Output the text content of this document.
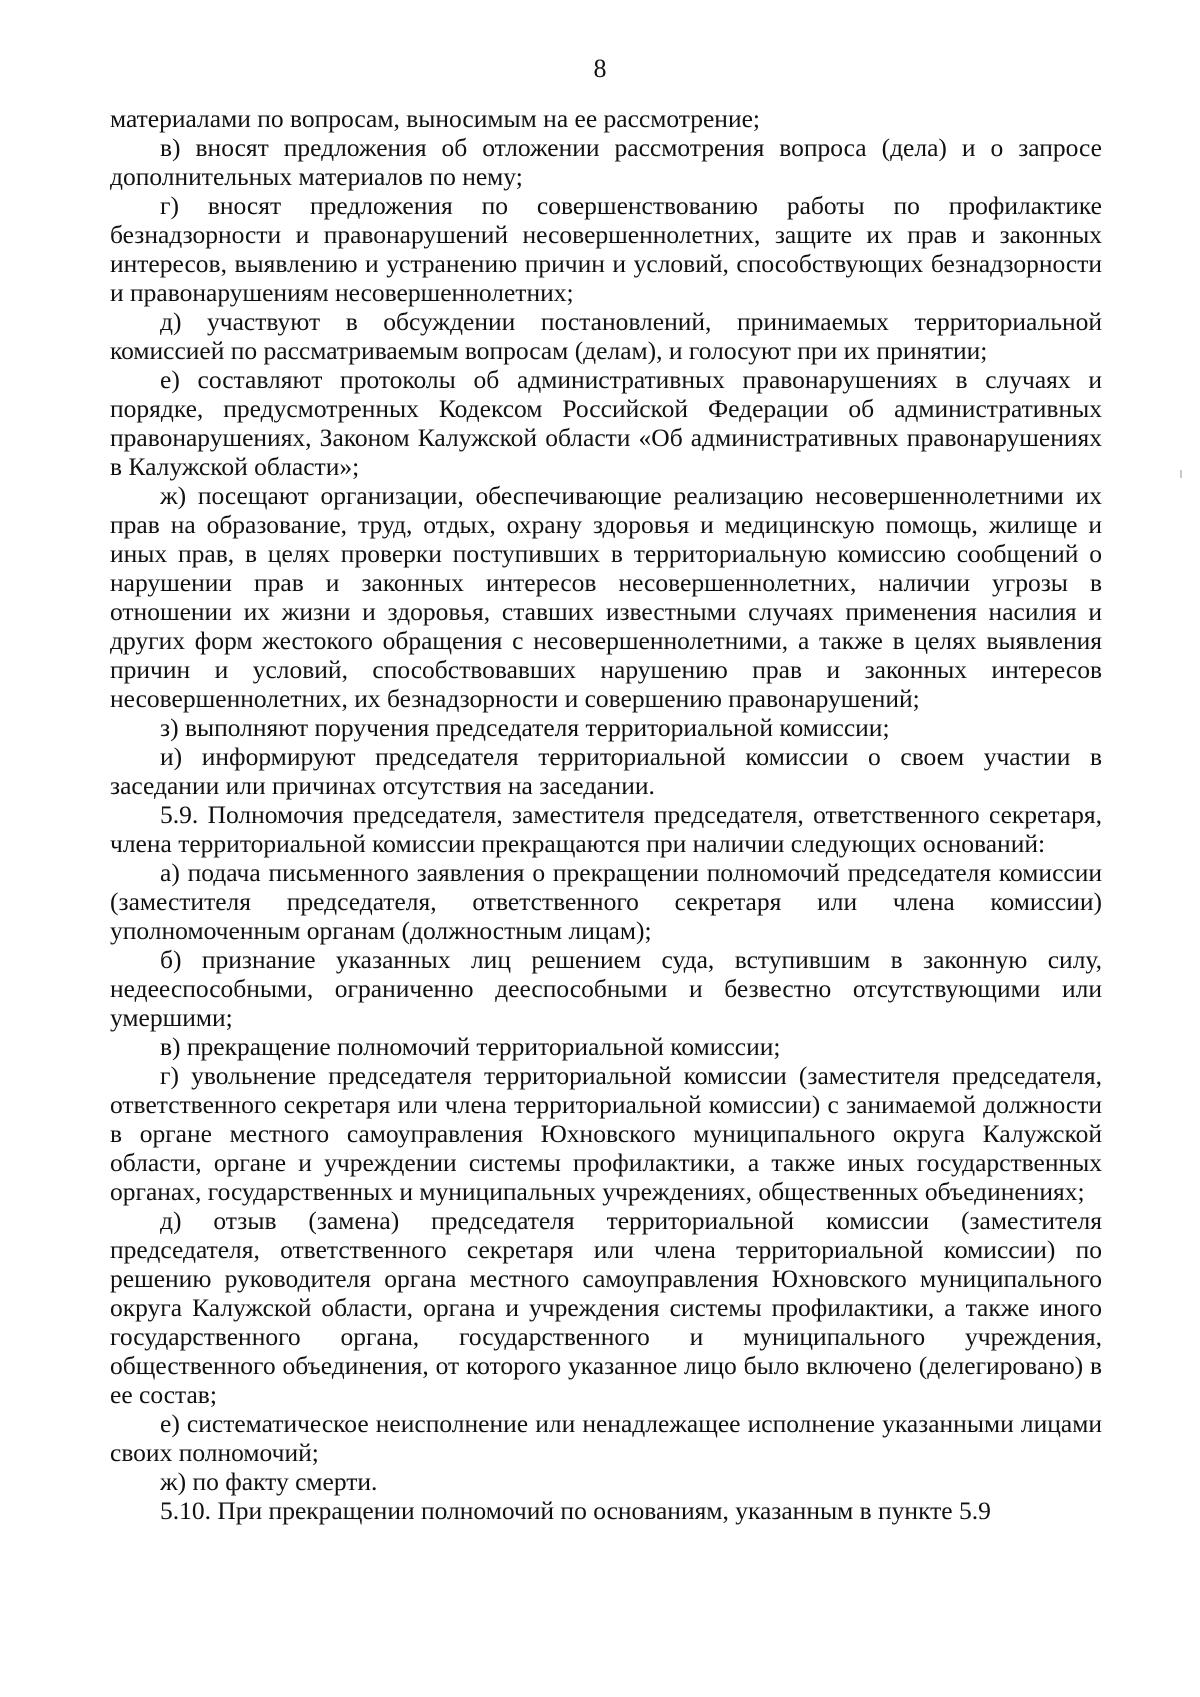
8

материалами по вопросам, выносимым на ее рассмотрение;

в) вносят предложения об отложении рассмотрения вопроса (дела) и о запросе дополнительных материалов по нему;

г) вносят предложения по совершенствованию работы по профилактике безнадзорности и правонарушений несовершеннолетних, защите их прав и законных интересов, выявлению и устранению причин и условий, способствующих безнадзорности и правонарушениям несовершеннолетних;

д) участвуют в обсуждении постановлений, принимаемых территориальной комиссией по рассматриваемым вопросам (делам), и голосуют при их принятии;

е) составляют протоколы об административных правонарушениях в случаях и порядке, предусмотренных Кодексом Российской Федерации об административных правонарушениях, Законом Калужской области «Об административных правонарушениях в Калужской области»;

ж) посещают организации, обеспечивающие реализацию несовершеннолетними их прав на образование, труд, отдых, охрану здоровья и медицинскую помощь, жилище и иных прав, в целях проверки поступивших в территориальную комиссию сообщений о нарушении прав и законных интересов несовершеннолетних, наличии угрозы в отношении их жизни и здоровья, ставших известными случаях применения насилия и других форм жестокого обращения с несовершеннолетними, а также в целях выявления причин и условий, способствовавших нарушению прав и законных интересов несовершеннолетних, их безнадзорности и совершению правонарушений;

з) выполняют поручения председателя территориальной комиссии;

и) информируют председателя территориальной комиссии о своем участии в заседании или причинах отсутствия на заседании.

5.9. Полномочия председателя, заместителя председателя, ответственного секретаря, члена территориальной комиссии прекращаются при наличии следующих оснований:

а) подача письменного заявления о прекращении полномочий председателя комиссии (заместителя председателя, ответственного секретаря или члена комиссии) уполномоченным органам (должностным лицам);

б) признание указанных лиц решением суда, вступившим в законную силу, недееспособными, ограниченно дееспособными и безвестно отсутствующими или умершими;

в) прекращение полномочий территориальной комиссии;

г) увольнение председателя территориальной комиссии (заместителя председателя, ответственного секретаря или члена территориальной комиссии) с занимаемой должности в органе местного самоуправления Юхновского муниципального округа Калужской области, органе и учреждении системы профилактики, а также иных государственных органах, государственных и муниципальных учреждениях, общественных объединениях;

д) отзыв (замена) председателя территориальной комиссии (заместителя председателя, ответственного секретаря или члена территориальной комиссии) по решению руководителя органа местного самоуправления Юхновского муниципального округа Калужской области, органа и учреждения системы профилактики, а также иного государственного органа, государственного и муниципального учреждения, общественного объединения, от которого указанное лицо было включено (делегировано) в ее состав;

е) систематическое неисполнение или ненадлежащее исполнение указанными лицами своих полномочий;

ж) по факту смерти.

5.10. При прекращении полномочий по основаниям, указанным в пункте 5.9
